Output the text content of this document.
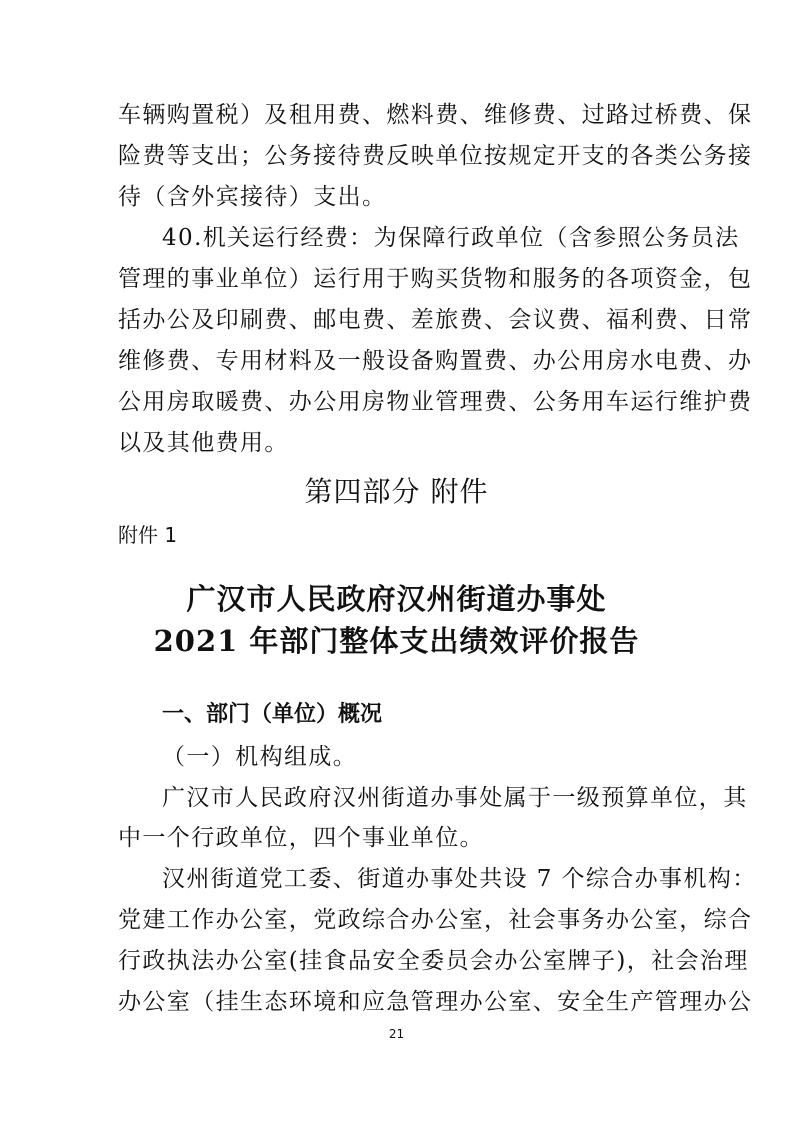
车辆购置税）及租用费、燃料费、维修费、过路过桥费、保
险费等支出；公务接待费反映单位按规定开支的各类公务接
待（含外宾接待）支出。
40.机关运行经费：为保障行政单位（含参照公务员法
管理的事业单位）运行用于购买货物和服务的各项资金，包
括办公及印刷费、邮电费、差旅费、会议费、福利费、日常
维修费、专用材料及一般设备购置费、办公用房水电费、办
公用房取暖费、办公用房物业管理费、公务用车运行维护费
以及其他费用。
第四部分 附件
附件 1
广汉市人民政府汉州街道办事处
2021 年部门整体支出绩效评价报告
一、部门（单位）概况
（一）机构组成。
广汉市人民政府汉州街道办事处属于一级预算单位，其
中一个行政单位，四个事业单位。
汉州街道党工委、街道办事处共设 7 个综合办事机构：
党建工作办公室，党政综合办公室，社会事务办公室，综合
行政执法办公室(挂食品安全委员会办公室牌子)，社会治理
办公室（挂生态环境和应急管理办公室、安全生产管理办公
21
